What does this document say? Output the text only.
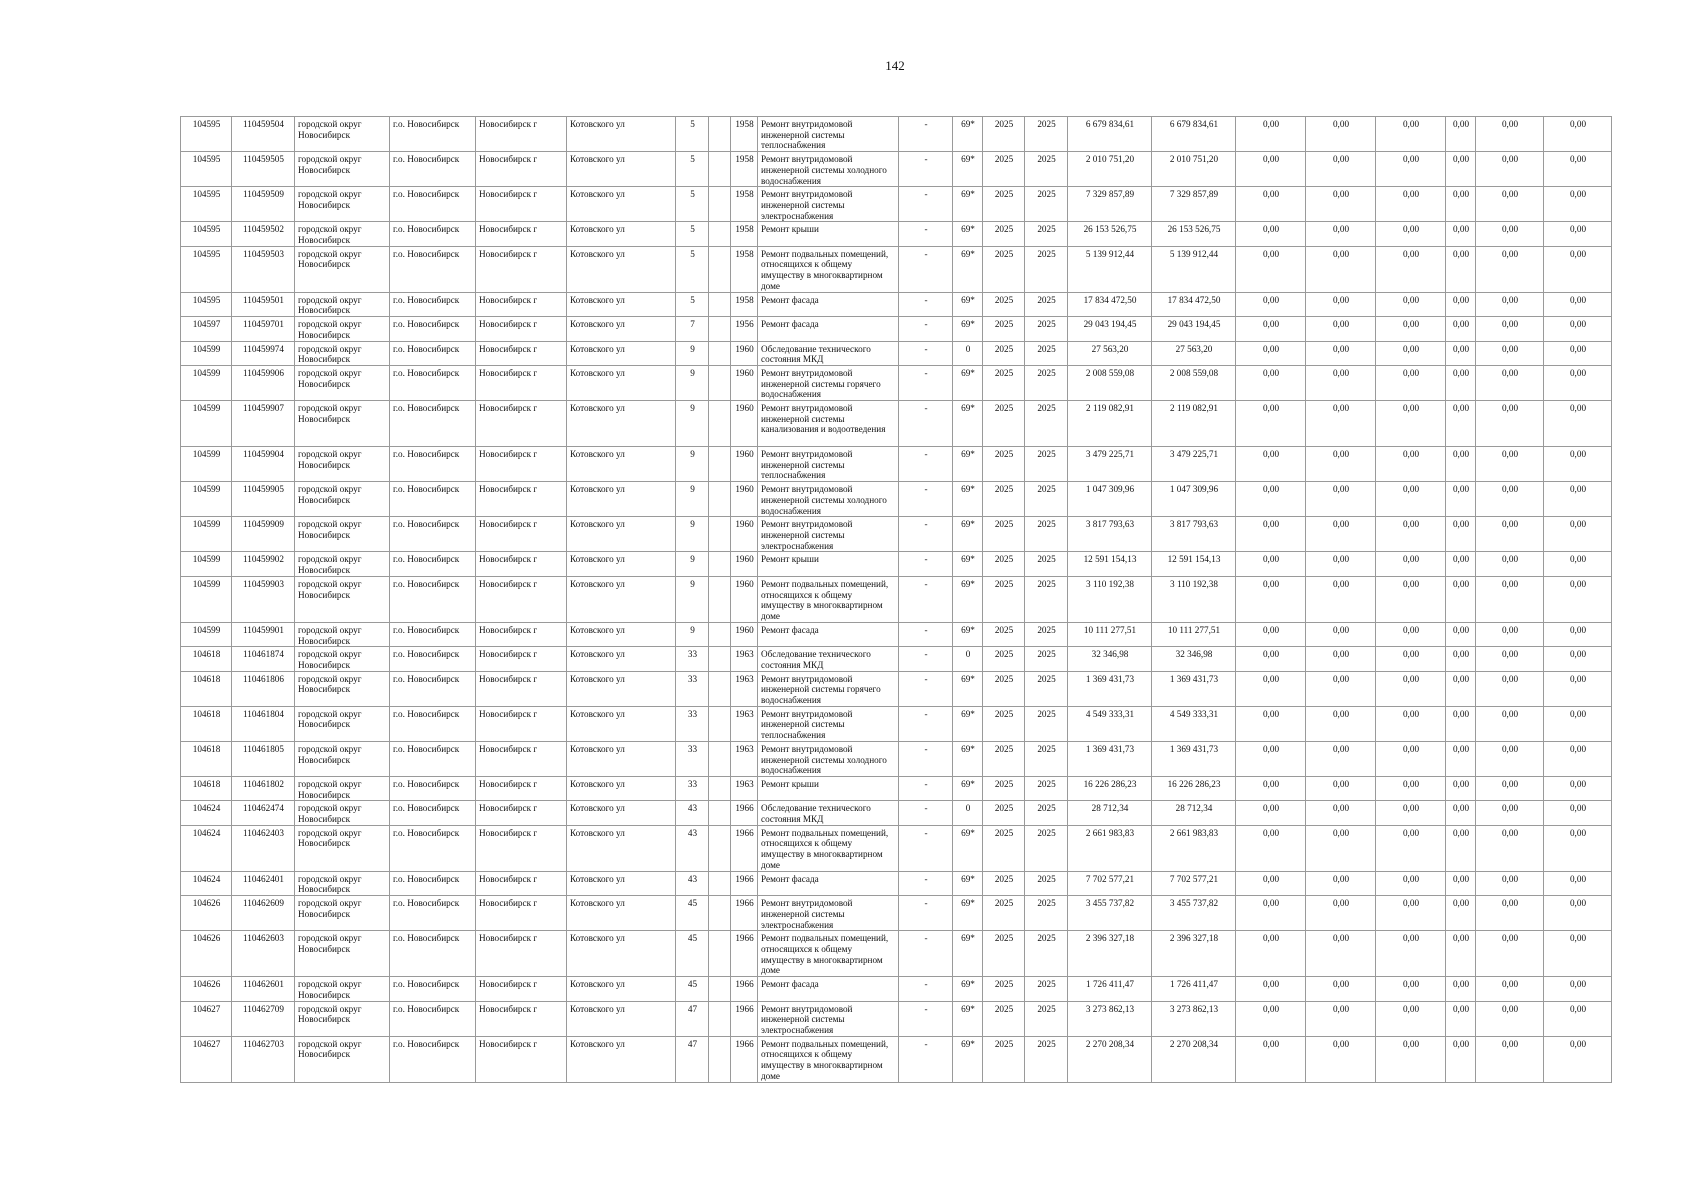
142
104595	110459504	городской округ Новосибирск	г.о. Новосибирск	Новосибирск г	Котовского ул	5		1958	Ремонт внутридомовой инженерной системы теплоснабжения	-	69*	2025	2025	6 679 834,61	6 679 834,61	0,00	0,00	0,00	0,00	0,00	0,00
104595	110459505	городской округ Новосибирск	г.о. Новосибирск	Новосибирск г	Котовского ул	5		1958	Ремонт внутридомовой инженерной системы холодного водоснабжения	-	69*	2025	2025	2 010 751,20	2 010 751,20	0,00	0,00	0,00	0,00	0,00	0,00
104595	110459509	городской округ Новосибирск	г.о. Новосибирск	Новосибирск г	Котовского ул	5		1958	Ремонт внутридомовой инженерной системы электроснабжения	-	69*	2025	2025	7 329 857,89	7 329 857,89	0,00	0,00	0,00	0,00	0,00	0,00
104595	110459502	городской округ Новосибирск	г.о. Новосибирск	Новосибирск г	Котовского ул	5		1958	Ремонт крыши	-	69*	2025	2025	26 153 526,75	26 153 526,75	0,00	0,00	0,00	0,00	0,00	0,00
104595	110459503	городской округ Новосибирск	г.о. Новосибирск	Новосибирск г	Котовского ул	5		1958	Ремонт подвальных помещений, относящихся к общему имуществу в многоквартирном доме	-	69*	2025	2025	5 139 912,44	5 139 912,44	0,00	0,00	0,00	0,00	0,00	0,00
104595	110459501	городской округ Новосибирск	г.о. Новосибирск	Новосибирск г	Котовского ул	5		1958	Ремонт фасада	-	69*	2025	2025	17 834 472,50	17 834 472,50	0,00	0,00	0,00	0,00	0,00	0,00
104597	110459701	городской округ Новосибирск	г.о. Новосибирск	Новосибирск г	Котовского ул	7		1956	Ремонт фасада	-	69*	2025	2025	29 043 194,45	29 043 194,45	0,00	0,00	0,00	0,00	0,00	0,00
104599	110459974	городской округ Новосибирск	г.о. Новосибирск	Новосибирск г	Котовского ул	9		1960	Обследование технического состояния МКД	-	0	2025	2025	27 563,20	27 563,20	0,00	0,00	0,00	0,00	0,00	0,00
104599	110459906	городской округ Новосибирск	г.о. Новосибирск	Новосибирск г	Котовского ул	9		1960	Ремонт внутридомовой инженерной системы горячего водоснабжения	-	69*	2025	2025	2 008 559,08	2 008 559,08	0,00	0,00	0,00	0,00	0,00	0,00
104599	110459907	городской округ Новосибирск	г.о. Новосибирск	Новосибирск г	Котовского ул	9		1960	Ремонт внутридомовой инженерной системы канализования и водоотведения	-	69*	2025	2025	2 119 082,91	2 119 082,91	0,00	0,00	0,00	0,00	0,00	0,00
104599	110459904	городской округ Новосибирск	г.о. Новосибирск	Новосибирск г	Котовского ул	9		1960	Ремонт внутридомовой инженерной системы теплоснабжения	-	69*	2025	2025	3 479 225,71	3 479 225,71	0,00	0,00	0,00	0,00	0,00	0,00
104599	110459905	городской округ Новосибирск	г.о. Новосибирск	Новосибирск г	Котовского ул	9		1960	Ремонт внутридомовой инженерной системы холодного водоснабжения	-	69*	2025	2025	1 047 309,96	1 047 309,96	0,00	0,00	0,00	0,00	0,00	0,00
104599	110459909	городской округ Новосибирск	г.о. Новосибирск	Новосибирск г	Котовского ул	9		1960	Ремонт внутридомовой инженерной системы электроснабжения	-	69*	2025	2025	3 817 793,63	3 817 793,63	0,00	0,00	0,00	0,00	0,00	0,00
104599	110459902	городской округ Новосибирск	г.о. Новосибирск	Новосибирск г	Котовского ул	9		1960	Ремонт крыши	-	69*	2025	2025	12 591 154,13	12 591 154,13	0,00	0,00	0,00	0,00	0,00	0,00
104599	110459903	городской округ Новосибирск	г.о. Новосибирск	Новосибирск г	Котовского ул	9		1960	Ремонт подвальных помещений, относящихся к общему имуществу в многоквартирном доме	-	69*	2025	2025	3 110 192,38	3 110 192,38	0,00	0,00	0,00	0,00	0,00	0,00
104599	110459901	городской округ Новосибирск	г.о. Новосибирск	Новосибирск г	Котовского ул	9		1960	Ремонт фасада	-	69*	2025	2025	10 111 277,51	10 111 277,51	0,00	0,00	0,00	0,00	0,00	0,00
104618	110461874	городской округ Новосибирск	г.о. Новосибирск	Новосибирск г	Котовского ул	33		1963	Обследование технического состояния МКД	-	0	2025	2025	32 346,98	32 346,98	0,00	0,00	0,00	0,00	0,00	0,00
104618	110461806	городской округ Новосибирск	г.о. Новосибирск	Новосибирск г	Котовского ул	33		1963	Ремонт внутридомовой инженерной системы горячего водоснабжения	-	69*	2025	2025	1 369 431,73	1 369 431,73	0,00	0,00	0,00	0,00	0,00	0,00
104618	110461804	городской округ Новосибирск	г.о. Новосибирск	Новосибирск г	Котовского ул	33		1963	Ремонт внутридомовой инженерной системы теплоснабжения	-	69*	2025	2025	4 549 333,31	4 549 333,31	0,00	0,00	0,00	0,00	0,00	0,00
104618	110461805	городской округ Новосибирск	г.о. Новосибирск	Новосибирск г	Котовского ул	33		1963	Ремонт внутридомовой инженерной системы холодного водоснабжения	-	69*	2025	2025	1 369 431,73	1 369 431,73	0,00	0,00	0,00	0,00	0,00	0,00
104618	110461802	городской округ Новосибирск	г.о. Новосибирск	Новосибирск г	Котовского ул	33		1963	Ремонт крыши	-	69*	2025	2025	16 226 286,23	16 226 286,23	0,00	0,00	0,00	0,00	0,00	0,00
104624	110462474	городской округ Новосибирск	г.о. Новосибирск	Новосибирск г	Котовского ул	43		1966	Обследование технического состояния МКД	-	0	2025	2025	28 712,34	28 712,34	0,00	0,00	0,00	0,00	0,00	0,00
104624	110462403	городской округ Новосибирск	г.о. Новосибирск	Новосибирск г	Котовского ул	43		1966	Ремонт подвальных помещений, относящихся к общему имуществу в многоквартирном доме	-	69*	2025	2025	2 661 983,83	2 661 983,83	0,00	0,00	0,00	0,00	0,00	0,00
104624	110462401	городской округ Новосибирск	г.о. Новосибирск	Новосибирск г	Котовского ул	43		1966	Ремонт фасада	-	69*	2025	2025	7 702 577,21	7 702 577,21	0,00	0,00	0,00	0,00	0,00	0,00
104626	110462609	городской округ Новосибирск	г.о. Новосибирск	Новосибирск г	Котовского ул	45		1966	Ремонт внутридомовой инженерной системы электроснабжения	-	69*	2025	2025	3 455 737,82	3 455 737,82	0,00	0,00	0,00	0,00	0,00	0,00
104626	110462603	городской округ Новосибирск	г.о. Новосибирск	Новосибирск г	Котовского ул	45		1966	Ремонт подвальных помещений, относящихся к общему имуществу в многоквартирном доме	-	69*	2025	2025	2 396 327,18	2 396 327,18	0,00	0,00	0,00	0,00	0,00	0,00
104626	110462601	городской округ Новосибирск	г.о. Новосибирск	Новосибирск г	Котовского ул	45		1966	Ремонт фасада	-	69*	2025	2025	1 726 411,47	1 726 411,47	0,00	0,00	0,00	0,00	0,00	0,00
104627	110462709	городской округ Новосибирск	г.о. Новосибирск	Новосибирск г	Котовского ул	47		1966	Ремонт внутридомовой инженерной системы электроснабжения	-	69*	2025	2025	3 273 862,13	3 273 862,13	0,00	0,00	0,00	0,00	0,00	0,00
104627	110462703	городской округ Новосибирск	г.о. Новосибирск	Новосибирск г	Котовского ул	47		1966	Ремонт подвальных помещений, относящихся к общему имуществу в многоквартирном доме	-	69*	2025	2025	2 270 208,34	2 270 208,34	0,00	0,00	0,00	0,00	0,00	0,00
